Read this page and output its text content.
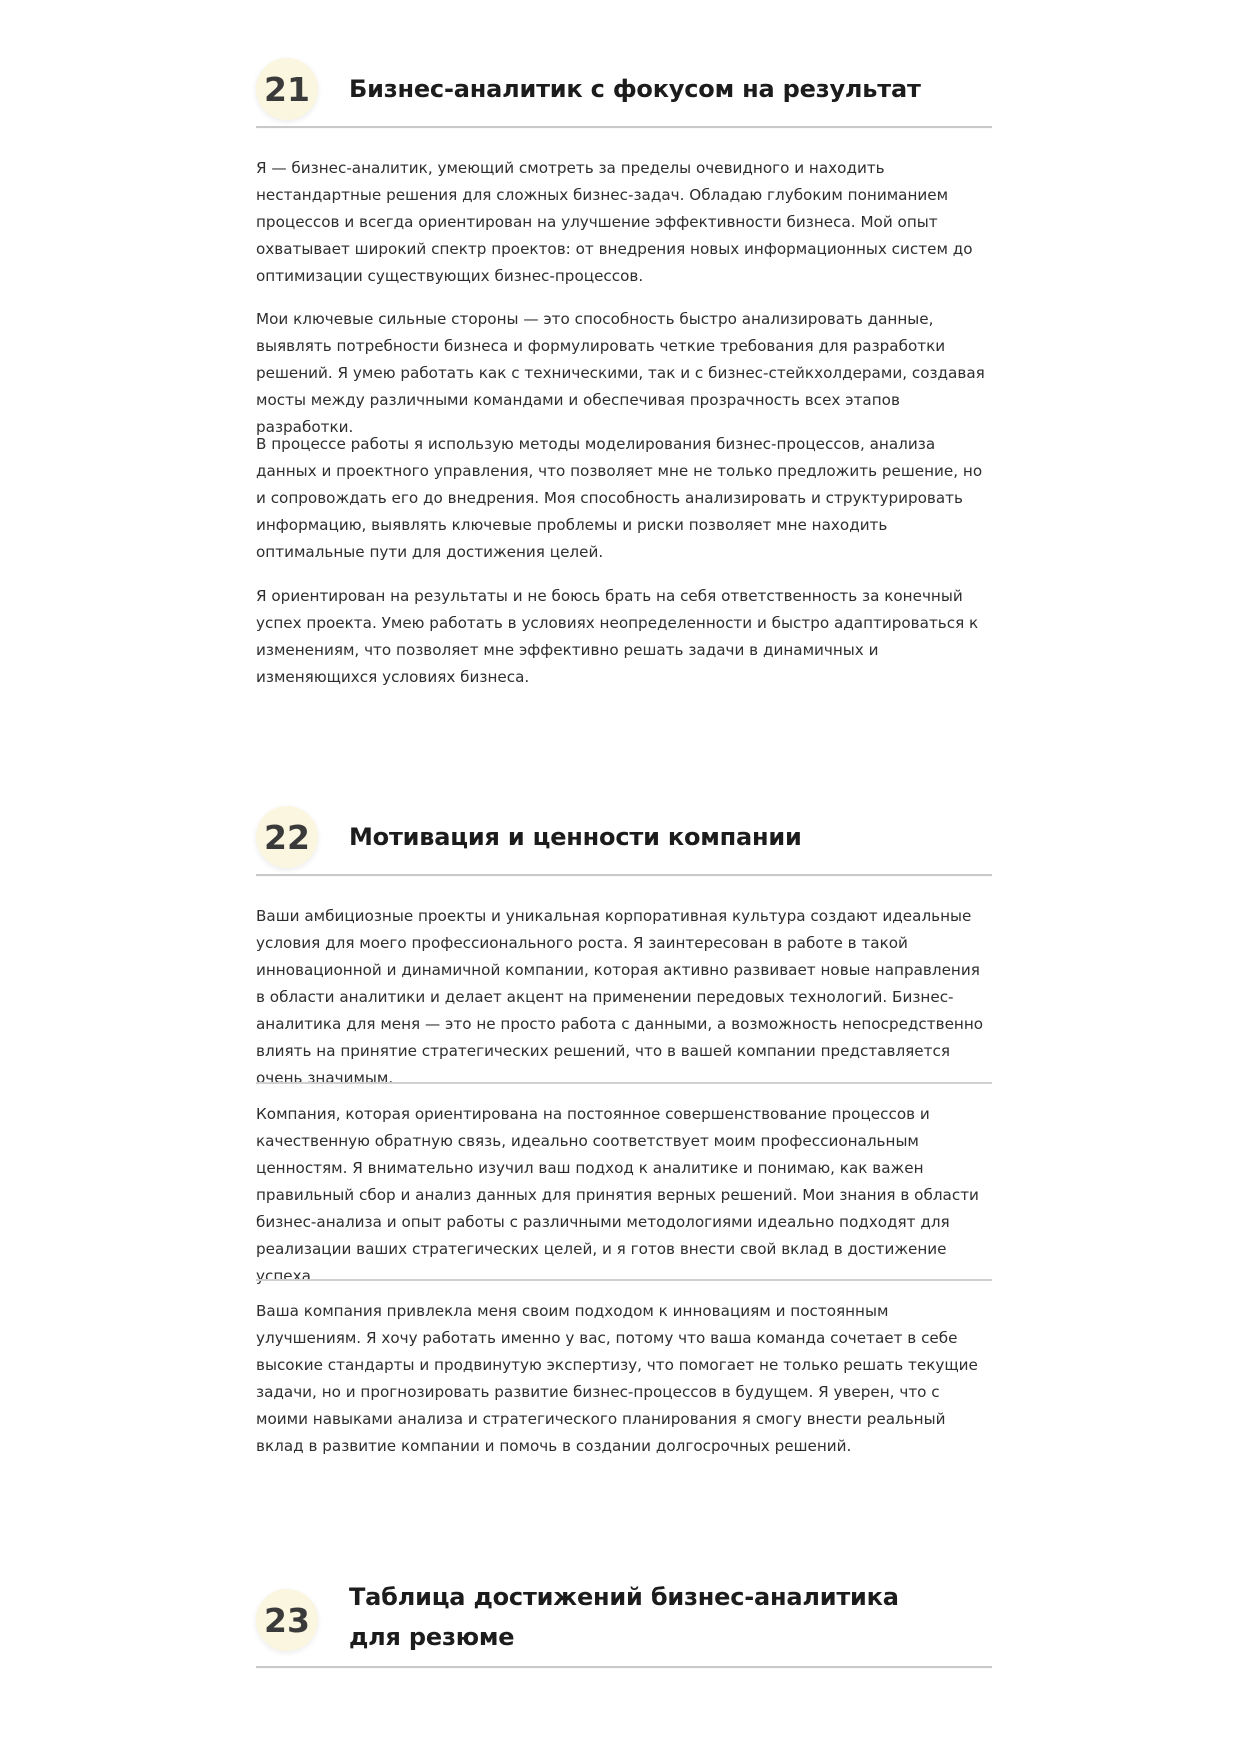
21	Бизнес-аналитик с фокусом на результат

Я — бизнес-аналитик, умеющий смотреть за пределы очевидного и находить нестандартные решения для сложных бизнес-задач. Обладаю глубоким пониманием процессов и всегда ориентирован на улучшение эффективности бизнеса. Мой опыт охватывает широкий спектр проектов: от внедрения новых информационных систем до оптимизации существующих бизнес-процессов.

Мои ключевые сильные стороны — это способность быстро анализировать данные, выявлять потребности бизнеса и формулировать четкие требования для разработки решений. Я умею работать как с техническими, так и с бизнес-стейкхолдерами, создавая мосты между различными командами и обеспечивая прозрачность всех этапов разработки.

В процессе работы я использую методы моделирования бизнес-процессов, анализа данных и проектного управления, что позволяет мне не только предложить решение, но и сопровождать его до внедрения. Моя способность анализировать и структурировать информацию, выявлять ключевые проблемы и риски позволяет мне находить оптимальные пути для достижения целей.

Я ориентирован на результаты и не боюсь брать на себя ответственность за конечный успех проекта. Умею работать в условиях неопределенности и быстро адаптироваться к изменениям, что позволяет мне эффективно решать задачи в динамичных и изменяющихся условиях бизнеса.

22	Мотивация и ценности компании

Ваши амбициозные проекты и уникальная корпоративная культура создают идеальные условия для моего профессионального роста. Я заинтересован в работе в такой инновационной и динамичной компании, которая активно развивает новые направления в области аналитики и делает акцент на применении передовых технологий. Бизнес-аналитика для меня — это не просто работа с данными, а возможность непосредственно влиять на принятие стратегических решений, что в вашей компании представляется очень значимым.

Компания, которая ориентирована на постоянное совершенствование процессов и качественную обратную связь, идеально соответствует моим профессиональным ценностям. Я внимательно изучил ваш подход к аналитике и понимаю, как важен правильный сбор и анализ данных для принятия верных решений. Мои знания в области бизнес-анализа и опыт работы с различными методологиями идеально подходят для реализации ваших стратегических целей, и я готов внести свой вклад в достижение успеха.

Ваша компания привлекла меня своим подходом к инновациям и постоянным улучшениям. Я хочу работать именно у вас, потому что ваша команда сочетает в себе высокие стандарты и продвинутую экспертизу, что помогает не только решать текущие задачи, но и прогнозировать развитие бизнес-процессов в будущем. Я уверен, что с моими навыками анализа и стратегического планирования я смогу внести реальный вклад в развитие компании и помочь в создании долгосрочных решений.

23
Таблица достижений бизнес-аналитика для резюме
